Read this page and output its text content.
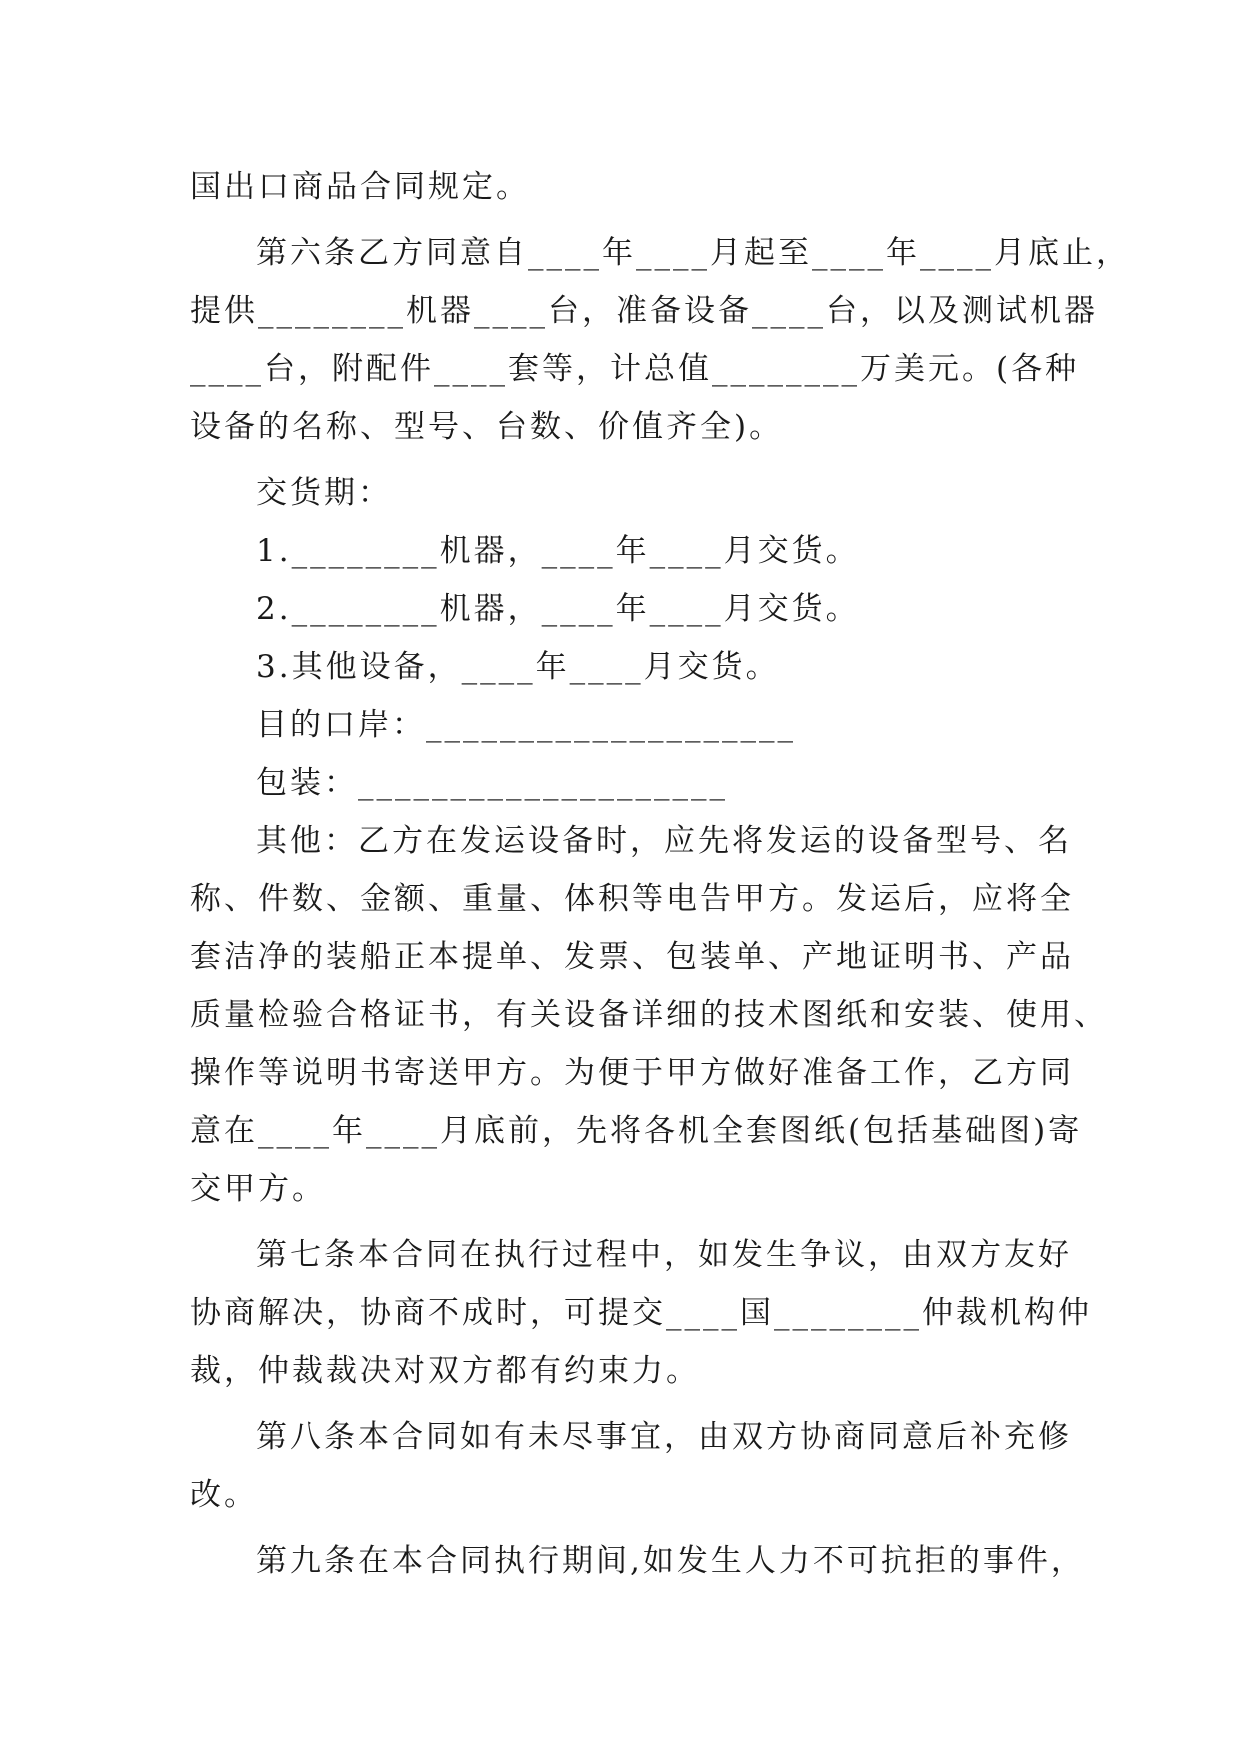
国出口商品合同规定。
第六条乙方同意自____年____月起至____年____月底止，
提供________机器____台，准备设备____台，以及测试机器
____台，附配件____套等，计总值________万美元。(各种
设备的名称、型号、台数、价值齐全)。
交货期：
1.________机器，____年____月交货。
2.________机器，____年____月交货。
3.其他设备，____年____月交货。
目的口岸：____________________
包装：____________________
其他：乙方在发运设备时，应先将发运的设备型号、名
称、件数、金额、重量、体积等电告甲方。发运后，应将全
套洁净的装船正本提单、发票、包装单、产地证明书、产品
质量检验合格证书，有关设备详细的技术图纸和安装、使用、
操作等说明书寄送甲方。为便于甲方做好准备工作，乙方同
意在____年____月底前，先将各机全套图纸(包括基础图)寄
交甲方。
第七条本合同在执行过程中，如发生争议，由双方友好
协商解决，协商不成时，可提交____国________仲裁机构仲
裁，仲裁裁决对双方都有约束力。
第八条本合同如有未尽事宜，由双方协商同意后补充修
改。
第九条在本合同执行期间,如发生人力不可抗拒的事件，
